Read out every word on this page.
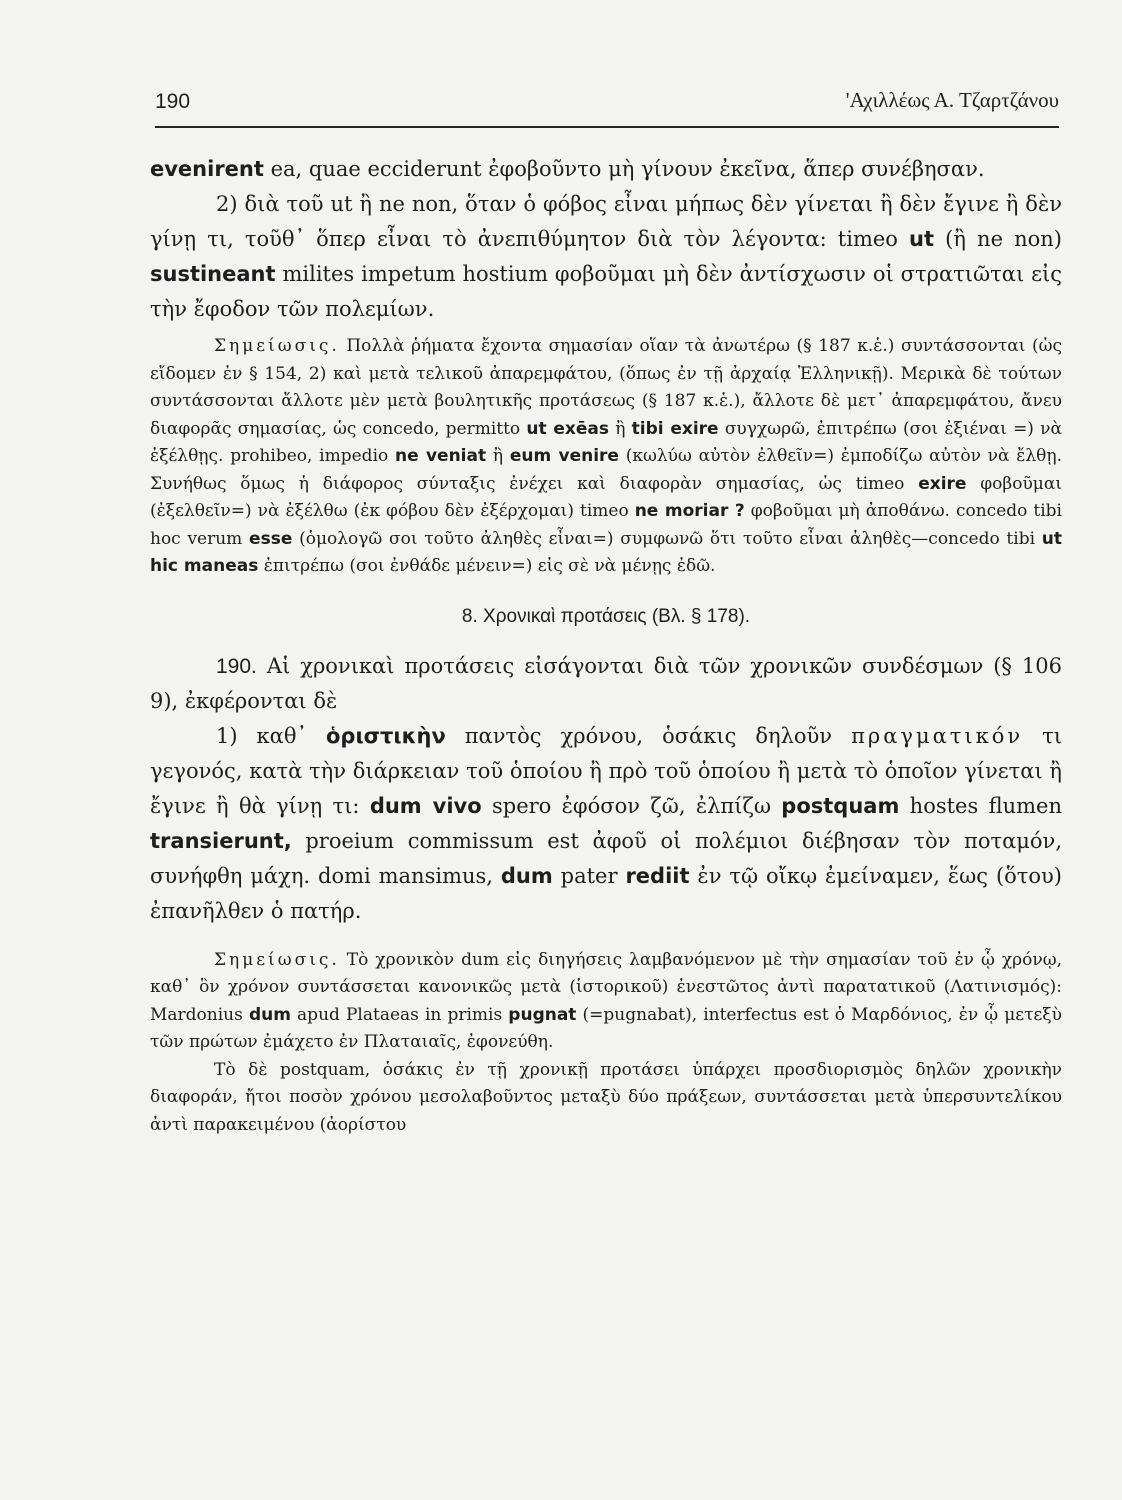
190	'Αχιλλέως Α. Τζαρτζάνου

evenirent ea, quae ecciderunt ἐφοβοῦντο μὴ γίνουν ἐκεῖνα, ἅπερ συνέβησαν.

2) διὰ τοῦ ut ἢ ne non, ὅταν ὁ φόβος εἶναι μήπως δὲν γίνεται ἢ δὲν ἔγινε ἢ δὲν γίνῃ τι, τοῦθ᾽ ὅπερ εἶναι τὸ ἀνεπιθύμητον διὰ τὸν λέγοντα: timeo ut (ἢ ne non) sustineant milites impetum hostium φοβοῦμαι μὴ δὲν ἀντίσχωσιν οἱ στρατιῶται εἰς τὴν ἔφοδον τῶν πολεμίων.

Σημείωσις. Πολλὰ ῥήματα ἔχοντα σημασίαν οἵαν τὰ ἀνωτέρω (§ 187 κ.ἑ.) συντάσσονται (ὡς εἴδομεν ἐν § 154, 2) καὶ μετὰ τελικοῦ ἀπαρεμφάτου, (ὅπως ἐν τῇ ἀρχαίᾳ Ἑλληνικῇ). Μερικὰ δὲ τούτων συντάσσονται ἄλλοτε μὲν μετὰ βουλητικῆς προτάσεως (§ 187 κ.ἑ.), ἄλλοτε δὲ μετ᾽ ἀπαρεμφάτου, ἄνευ διαφορᾶς σημασίας, ὡς concedo, permitto ut exēas ἢ tibi exire συγχωρῶ, ἐπιτρέπω (σοι ἐξιέναι =) νὰ ἐξέλθῃς. prohibeo, impedio ne veniat ἢ eum venire (κωλύω αὐτὸν ἐλθεῖν=) ἐμποδίζω αὐτὸν νὰ ἔλθῃ. Συνήθως ὅμως ἡ διάφορος σύνταξις ἐνέχει καὶ διαφορὰν σημασίας, ὡς timeo exire φοβοῦμαι (ἐξελθεῖν=) νὰ ἐξέλθω (ἐκ φόβου δὲν ἐξέρχομαι) timeo ne moriar ? φοβοῦμαι μὴ ἀποθάνω. concedo tibi hoc verum esse (ὁμολογῶ σοι τοῦτο ἀληθὲς εἶναι=) συμφωνῶ ὅτι τοῦτο εἶναι ἀληθὲς—concedo tibi ut hic maneas ἐπιτρέπω (σοι ἐνθάδε μένειν=) εἰς σὲ νὰ μένῃς ἐδῶ.

8. Χρονικαὶ προτάσεις (Βλ. § 178).

190. Αἱ χρονικαὶ προτάσεις εἰσάγονται διὰ τῶν χρονικῶν συνδέσμων (§ 106 9), ἐκφέρονται δὲ

1) καθ᾽ ὁριστικὴν παντὸς χρόνου, ὁσάκις δηλοῦν πραγματικόν τι γεγονός, κατὰ τὴν διάρκειαν τοῦ ὁποίου ἢ πρὸ τοῦ ὁποίου ἢ μετὰ τὸ ὁποῖον γίνεται ἢ ἔγινε ἢ θὰ γίνῃ τι: dum vivo spero ἐφόσον ζῶ, ἐλπίζω postquam hostes flumen transierunt, proeium commissum est ἀφοῦ οἱ πολέμιοι διέβησαν τὸν ποταμόν, συνήφθη μάχη. domi mansimus, dum pater rediit ἐν τῷ οἴκῳ ἐμείναμεν, ἕως (ὅτου) ἐπανῆλθεν ὁ πατήρ.

Σημείωσις. Τὸ χρονικὸν dum εἰς διηγήσεις λαμβανόμενον μὲ τὴν σημασίαν τοῦ ἐν ᾧ χρόνῳ, καθ᾽ ὃν χρόνον συντάσσεται κανονικῶς μετὰ (ἱστορικοῦ) ἐνεστῶτος ἀντὶ παρατατικοῦ (Λατινισμός): Mardonius dum apud Plataeas in primis pugnat (=pugnabat), interfectus est ὁ Μαρδόνιος, ἐν ᾧ μετεξὺ τῶν πρώτων ἐμάχετο ἐν Πλαταιαῖς, ἐφονεύθη.

Τὸ δὲ postquam, ὁσάκις ἐν τῇ χρονικῇ προτάσει ὑπάρχει προσδιορισμὸς δηλῶν χρονικὴν διαφοράν, ἤτοι ποσὸν χρόνου μεσολαβοῦντος μεταξὺ δύο πράξεων, συντάσσεται μετὰ ὑπερσυντελίκου ἀντὶ παρακειμένου (ἀορίστου
